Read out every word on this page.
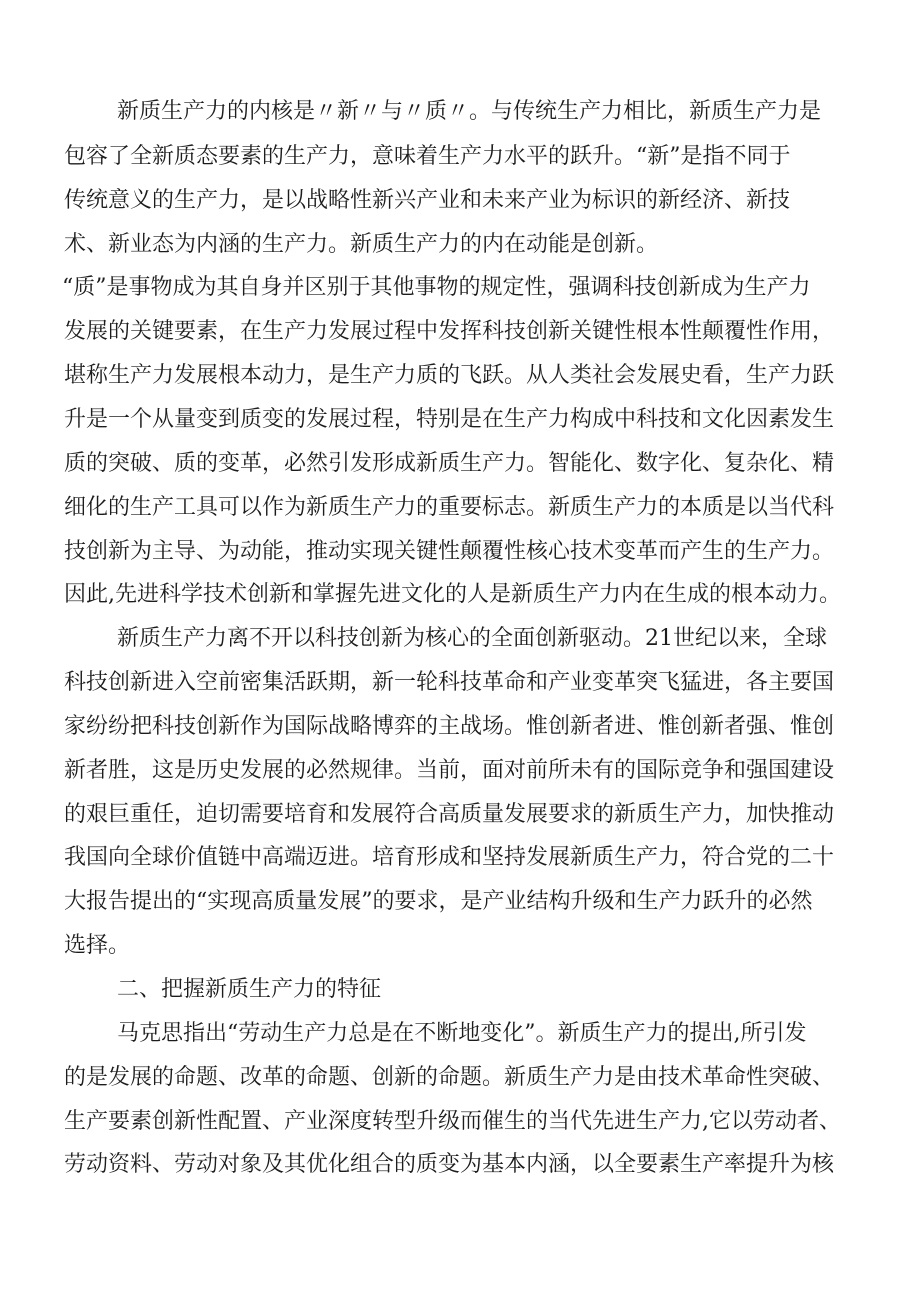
新质生产力的内核是〃新〃与〃质〃。与传统生产力相比，新质生产力是

包容了全新质态要素的生产力，意味着生产力水平的跃升。“新”是指不同于

传统意义的生产力，是以战略性新兴产业和未来产业为标识的新经济、新技

术、新业态为内涵的生产力。新质生产力的内在动能是创新。

“质”是事物成为其自身并区别于其他事物的规定性，强调科技创新成为生产力

发展的关键要素，在生产力发展过程中发挥科技创新关键性根本性颠覆性作用，

堪称生产力发展根本动力，是生产力质的飞跃。从人类社会发展史看，生产力跃

升是一个从量变到质变的发展过程，特别是在生产力构成中科技和文化因素发生

质的突破、质的变革，必然引发形成新质生产力。智能化、数字化、复杂化、精

细化的生产工具可以作为新质生产力的重要标志。新质生产力的本质是以当代科

技创新为主导、为动能，推动实现关键性颠覆性核心技术变革而产生的生产力。

因此,先进科学技术创新和掌握先进文化的人是新质生产力内在生成的根本动力。

新质生产力离不开以科技创新为核心的全面创新驱动。21世纪以来，全球

科技创新进入空前密集活跃期，新一轮科技革命和产业变革突飞猛进，各主要国

家纷纷把科技创新作为国际战略博弈的主战场。惟创新者进、惟创新者强、惟创

新者胜，这是历史发展的必然规律。当前，面对前所未有的国际竞争和强国建设

的艰巨重任，迫切需要培育和发展符合高质量发展要求的新质生产力，加快推动

我国向全球价值链中高端迈进。培育形成和坚持发展新质生产力，符合党的二十

大报告提出的“实现高质量发展”的要求，是产业结构升级和生产力跃升的必然

选择。

二、把握新质生产力的特征

马克思指出“劳动生产力总是在不断地变化”。新质生产力的提出,所引发

的是发展的命题、改革的命题、创新的命题。新质生产力是由技术革命性突破、

生产要素创新性配置、产业深度转型升级而催生的当代先进生产力,它以劳动者、

劳动资料、劳动对象及其优化组合的质变为基本内涵，以全要素生产率提升为核
